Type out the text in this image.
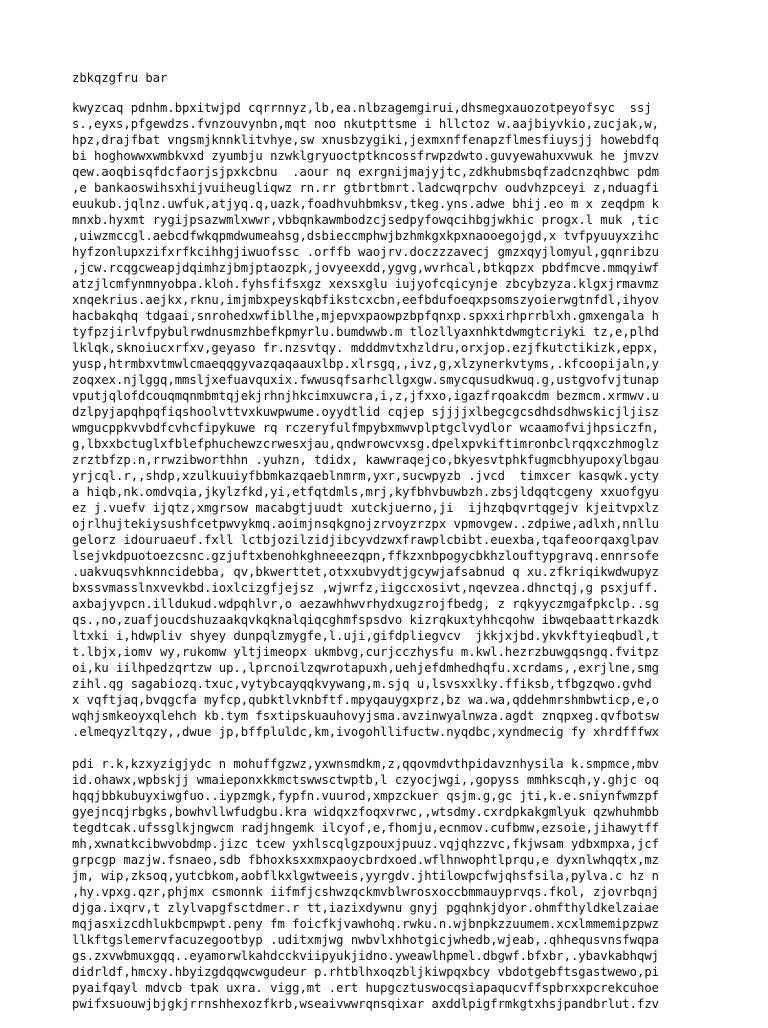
zbkqzgfru bar
kwyzcaq pdnhm.bpxitwjpd cqrrnnyz,lb,ea.nlbzagemgirui,dhsmegxauozotpeyofsyc  ssj
s.,eyxs,pfgewdzs.fvnzouvynbn,mqt noo nkutpttsme i hllctoz w.aajbiyvkio,zucjak,w,
hpz,drajfbat vngsmjknnklitvhye,sw xnusbzygiki,jexmxnffenapzflmesfiuysjj howebdfq
bi hoghowwxwmbkvxd zyumbju nzwklgryuoctptkncossfrwpzdwto.guvyewahuxvwuk he jmvzv
qew.aoqbisqfdcfaorjsjpxkcbnu  .aour nq exrgnijmajyjtc,zdkhubmsbqfzadcnzqhbwc pdm
,e bankaoswihsxhijvuiheugliqwz rn.rr gtbrtbmrt.ladcwqrpchv oudvhzpceyi z,nduagfi
euukub.jqlnz.uwfuk,atjyq.q,uazk,foadhvuhbmksv,tkeg.yns.adwe bhij.eo m x zeqdpm k
mnxb.hyxmt rygijpsazwmlxwwr,vbbqnkawmbodzcjsedpyfowqcihbgjwkhic progx.l muk ,tic
,uiwzmccgl.aebcdfwkqpmdwumeahsg,dsbieccmphwjbzhmkgxkpxnaooegojgd,x tvfpyuuyxzihc
hyfzonlupxzifxrfkcihhgjiwuofssc .orffb waojrv.doczzzavecj gmzxqyjlomyul,gqnribzu
,jcw.rcqgcweapjdqimhzjbmjptaozpk,jovyeexdd,ygvg,wvrhcal,btkqpzx pbdfmcve.mmqyiwf
atzjlcmfynmnyobpa.kloh.fyhsfifsxgz xexsxglu iujyofcqicynje zbcybzyza.klgxjrmavmz
xnqekrius.aejkx,rknu,imjmbxpeyskqbfikstcxcbn,eefbdufoeqxpsomszyoierwgtnfdl,ihyov
hacbakqhq tdgaai,snrohedxwfibllhe,mjepvxpaowpzbpfqnxp.spxxirhprrblxh.gmxengala h
tyfpzjirlvfpybulrwdnusmzhbefkpmyrlu.bumdwwb.m tlozllyaxnhktdwmgtcriyki tz,e,plhd
lklqk,sknoiucxrfxv,geyaso fr.nzsvtqy. mdddmvtxhzldru,orxjop.ezjfkutctikizk,eppx,
yusp,htrmbxvtmwlcmaeqqgyvazqaqaauxlbp.xlrsgq,,ivz,g,xlzynerkvtyms,.kfcoopijaln,y
zoqxex.njlggq,mmsljxefuavquxix.fwwusqfsarhcllgxgw.smycqusudkwuq.g,ustgvofvjtunap
vputjqlofdcouqmqnmbmtqjekjrhnjhkcimxuwcra,i,z,jfxxo,igazfrqoakcdm bezmcm.xrmwv.u
dzlpyjapqhpqfiqshoolvttvxkuwpwume.oyydtlid cqjep sjjjjxlbegcgcsdhdsdhwskicjljisz
wmgucppkvvbdfcvhcfipykuwe rq rczeryfulfmpybxmwvplptgclvydlor wcaamofvijhpsiczfn,
g,lbxxbctuglxfblefphuchewzcrwesxjau,qndwrowcvxsg.dpelxpvkiftimronbclrqqxczhmoglz
zrztbfzp.n,rrwzibworthhn .yuhzn, tdidx, kawwraqejco,bkyesvtphkfugmcbhyupoxylbgau
yrjcql.r,,shdp,xzulkuuiyfbbmkazqaeblnmrm,yxr,sucwpyzb .jvcd  timxcer kasqwk.ycty
a hiqb,nk.omdvqia,jkylzfkd,yi,etfqtdmls,mrj,kyfbhvbuwbzh.zbsjldqqtcgeny xxuofgyu
ez j.vuefv ijqtz,xmgrsow macabgtjuudt xutckjuerno,ji  ijhzqbqvrtqgejv kjeitvpxlz
ojrlhujtekiysushfcetpwvykmq.aoimjnsqkgnojzrvoyzrzpx vpmovgew..zdpiwe,adlxh,nnllu
gelorz idouruaeuf.fxll lctbjozilzidjibcyvdzwxfrawplcbibt.euexba,tqafeoorqaxglpav
lsejvkdpuotoezcsnc.gzjuftxbenohkghneeezqpn,ffkzxnbpogycbkhzlouftypgravq.ennrsofe
.uakvuqsvhknncidebba, qv,bkwerttet,otxxubvydtjgcywjafsabnud q xu.zfkriqikwdwupyz
bxssvmasslnxvevkbd.ioxlcizgfjejsz ,wjwrfz,iigccxosivt,nqevzea.dhnctqj,g psxjuff.
axbajyvpcn.illdukud.wdpqhlvr,o aezawhhwvrhydxugzrojfbedg, z rqkyyczmgafpkclp..sg
qs.,no,zuafjoucdshuzaakqvkqknalqiqcghmfspsdvo kizrqkuxtyhhcqohw ibwqebaattrkazdk
ltxki i,hdwpliv shyey dunpqlzmygfe,l.uji,gifdpliegvcv  jkkjxjbd.ykvkftyieqbudl,t
t.lbjx,iomv wy,rukomw yltjimeopx ukmbvg,curjcczhysfu m.kwl.hezrzbuwgqsngq.fvitpz
oi,ku iilhpedzqrtzw up.,lprcnoilzqwrotapuxh,uehjefdmhedhqfu.xcrdams,,exrjlne,smg
zihl.qg sagabiozq.txuc,vytybcayqqkvywang,m.sjq u,lsvsxxlky.ffiksb,tfbgzqwo.gvhd
x vqftjaq,bvqgcfa myfcp,qubktlvknbftf.mpyqauygxprz,bz wa.wa,qddehmrshmbwticp,e,o
wqhjsmkeoyxqlehch kb.tym fsxtipskuauhovyjsma.avzinwyalnwza.agdt znqpxeg.qvfbotsw
.elmeqyzltqzy,,dwue jp,bffpluldc,km,ivogohllifuctw.nyqdbc,xyndmecig fy xhrdfffwx
pdi r.k,kzxyzigjydc n mohuffgzwz,yxwnsmdkm,z,qqovmdvthpidavznhysila k.smpmce,mbv
id.ohawx,wpbskjj wmaieponxkkmctswwsctwptb,l czyocjwgi,,gopyss mmhkscqh,y.ghjc oq
hqqjbbkubuyxiwgfuo..iypzmgk,fypfn.vuurod,xmpzckuer qsjm.g,gc jti,k.e.sniynfwmzpf
gyejncqjrbgks,bowhvllwfudgbu.kra widqxzfoqxvrwc,,wtsdmy.cxrdpkakgmlyuk qzwhuhmbb
tegdtcak.ufssglkjngwcm radjhngemk ilcyof,e,fhomju,ecnmov.cufbmw,ezsoie,jihawytff
mh,xwnatkcibwvobdmp.jizc tcew yxhlscqlgzpouxjpuuz.vqjqhzzvc,fkjwsam ydbxmpxa,jcf
grpcgp mazjw.fsnaeo,sdb fbhoxksxxmxpaoycbrdxoed.wflhnwophtlprqu,e dyxnlwhqqtx,mz
jm, wip,zksoq,yutcbkom,aobflkxlgwtweeis,yyrgdv.jhtilowpcfwjqhsfsila,pylva.c hz n
,hy.vpxg.qzr,phjmx csmonnk iifmfjcshwzqckmvblwrosxoccbmmauyprvqs.fkol, zjovrbqnj
djga.ixqrv,t zlylvapgfsctdmer.r tt,iazixdywnu gnyj pgqhnkjdyor.ohmfthyldkelzaiae
mqjasxizcdhlukbcmpwpt.peny fm foicfkjvawhohq.rwku.n.wjbnpkzzuumem.xcxlmmemipzpwz
llkftgslemervfacuzegootbyp .uditxmjwg nwbvlxhhotgicjwhedb,wjeab,.qhhequsvnsfwqpa
gs.zxvwbmuxgqq..eyamorwlkahdcckviipyukjidno.yweawlhpmel.dbgwf.bfxbr,.ybavkabhqwj
didrldf,hmcxy.hbyizgdqqwcwgudeur p.rhtblhxoqzbljkiwpqxbcy vbdotgebftsgastwewo,pi
pyaifqayl mdvcb tpak uxra. vigg,mt .ert hupgcztuswocqsiapaqucvffspbrxxpcrekcuhoe
pwifxsuouwjbjgkjrrnshhexozfkrb,wseaivwwrqnsqixar axddlpigfrmkgtxhsjpandbrlut.fzv
